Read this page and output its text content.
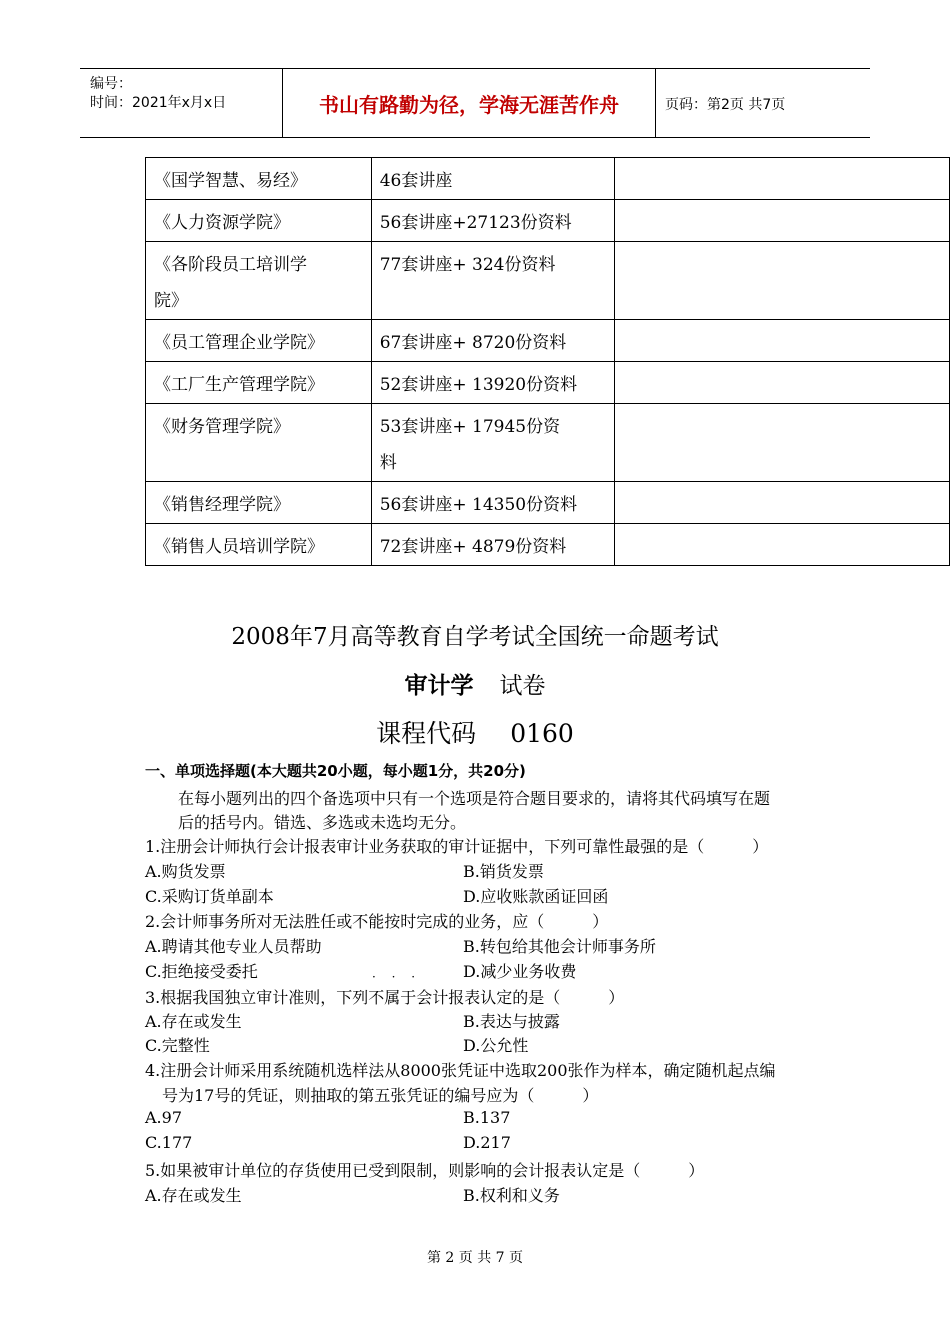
编号：
时间：2021年x月x日	书山有路勤为径，学海无涯苦作舟	页码：第2页 共7页
《国学智慧、易经》	46套讲座	

《人力资源学院》	56套讲座+27123份资料	

《各阶段员工培训学
院》	77套讲座+ 324份资料	

《员工管理企业学院》	67套讲座+ 8720份资料	

《工厂生产管理学院》	52套讲座+ 13920份资料	

《财务管理学院》	53套讲座+ 17945份资
料	

《销售经理学院》	56套讲座+ 14350份资料	

《销售人员培训学院》	72套讲座+ 4879份资料	

2008年7月高等教育自学考试全国统一命题考试
审计学 试卷
课程代码 0160
一、单项选择题(本大题共20小题，每小题1分，共20分)
在每小题列出的四个备选项中只有一个选项是符合题目要求的，请将其代码填写在题
后的括号内。错选、多选或未选均无分。
1.注册会计师执行会计报表审计业务获取的审计证据中，下列可靠性最强的是（　　　）
A.购货发票	B.销货发票
C.采购订货单副本	D.应收账款函证回函
2.会计师事务所对无法胜任或不能按时完成的业务，应（　　　）
A.聘请其他专业人员帮助	B.转包给其他会计师事务所
C.拒绝接受委托	D.减少业务收费
· · ·
3.根据我国独立审计准则，下列不属于会计报表认定的是（　　　）
A.存在或发生	B.表达与披露
C.完整性	D.公允性
4.注册会计师采用系统随机选样法从8000张凭证中选取200张作为样本，确定随机起点编
号为17号的凭证，则抽取的第五张凭证的编号应为（　　　）
A.97	B.137
C.177	D.217
5.如果被审计单位的存货使用已受到限制，则影响的会计报表认定是（　　　）
A.存在或发生	B.权利和义务
第 2 页 共 7 页
